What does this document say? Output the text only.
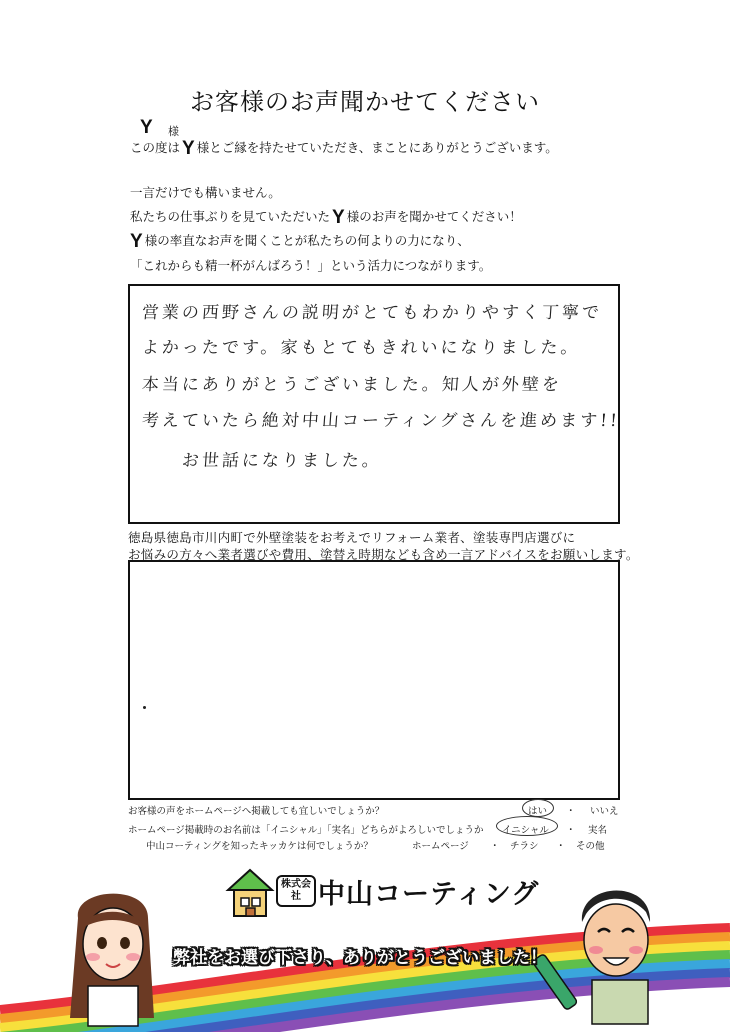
お客様のお声聞かせてください
Y 様
この度は Y 様とご縁を持たせていただき、まことにありがとうございます。
一言だけでも構いません。
私たちの仕事ぶりを見ていただいた Y 様のお声を聞かせてください！
Y様の率直なお声を聞くことが私たちの何よりの力になり、
「これからも精一杯がんばろう！」という活力につながります。
営業の西野さんの説明がとてもわかりやすく丁寧で
よかったです。家もとてもきれいになりました。
本当にありがとうございました。知人が外壁を
考えていたら絶対中山コーティングさんを進めます!!
お世話になりました。
徳島県徳島市川内町で外壁塗装をお考えでリフォーム業者、塗装専門店選びに
お悩みの方々へ業者選びや費用、塗替え時期なども含め一言アドバイスをお願いします。
お客様の声をホームページへ掲載しても宜しいでしょうか？	はい ・ いいえ
ホームページ掲載時のお名前は「イニシャル」「実名」どちらがよろしいでしょうか イニシャル ・ 実名
中山コーティングを知ったキッカケは何でしょうか？	ホームページ ・ チラシ ・ その他
株式会社 中山コーティング
弊社をお選び下さり、ありがとうございました！
